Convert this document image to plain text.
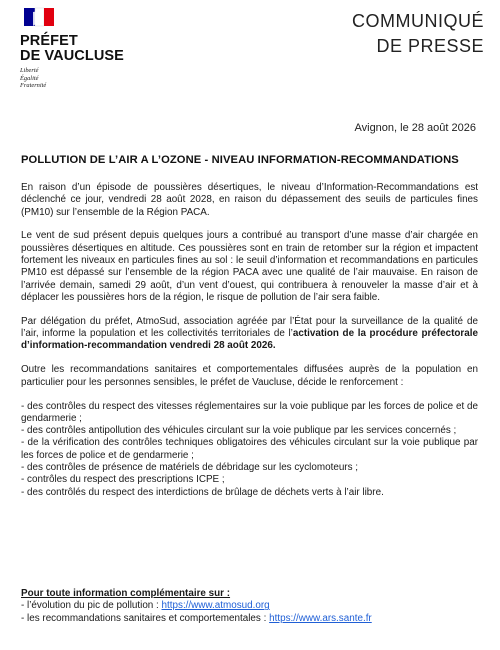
PRÉFET
DE VAUCLUSE
Liberté
Égalité
Fraternité
COMMUNIQUÉ
DE PRESSE
Avignon, le 28 août 2026
POLLUTION DE L’AIR A L’OZONE - NIVEAU INFORMATION-RECOMMANDATIONS

En raison d’un épisode de poussières désertiques, le niveau d’Information-Recommandations est déclenché ce jour, vendredi 28 août 2028, en raison du dépassement des seuils de particules fines (PM10) sur l’ensemble de la Région PACA.

Le vent de sud présent depuis quelques jours a contribué au transport d’une masse d’air chargée en poussières désertiques en altitude. Ces poussières sont en train de retomber sur la région et impactent fortement les niveaux en particules fines au sol : le seuil d’information et recommandations en particules PM10 est dépassé sur l’ensemble de la région PACA avec une qualité de l’air mauvaise. En raison de l’arrivée demain, samedi 29 août, d’un vent d’ouest, qui contribuera à renouveler la masse d’air et à déplacer les poussières hors de la région, le risque de pollution de l’air sera faible.

Par délégation du préfet, AtmoSud, association agréée par l’État pour la surveillance de la qualité de l’air, informe la population et les collectivités territoriales de l’activation de la procédure préfectorale d’information-recommandation vendredi 28 août 2026.

Outre les recommandations sanitaires et comportementales diffusées auprès de la population en particulier pour les personnes sensibles, le préfet de Vaucluse, décide le renforcement :

- des contrôles du respect des vitesses réglementaires sur la voie publique par les forces de police et de gendarmerie ;
- des contrôles antipollution des véhicules circulant sur la voie publique par les services concernés ;
- de la vérification des contrôles techniques obligatoires des véhicules circulant sur la voie publique par les forces de police et de gendarmerie ;
- des contrôles de présence de matériels de débridage sur les cyclomoteurs ;
- contrôles du respect des prescriptions ICPE ;
- des contrôlés du respect des interdictions de brûlage de déchets verts à l’air libre.
Pour toute information complémentaire sur :
- l’évolution du pic de pollution : https://www.atmosud.org
- les recommandations sanitaires et comportementales : https://www.ars.sante.fr
